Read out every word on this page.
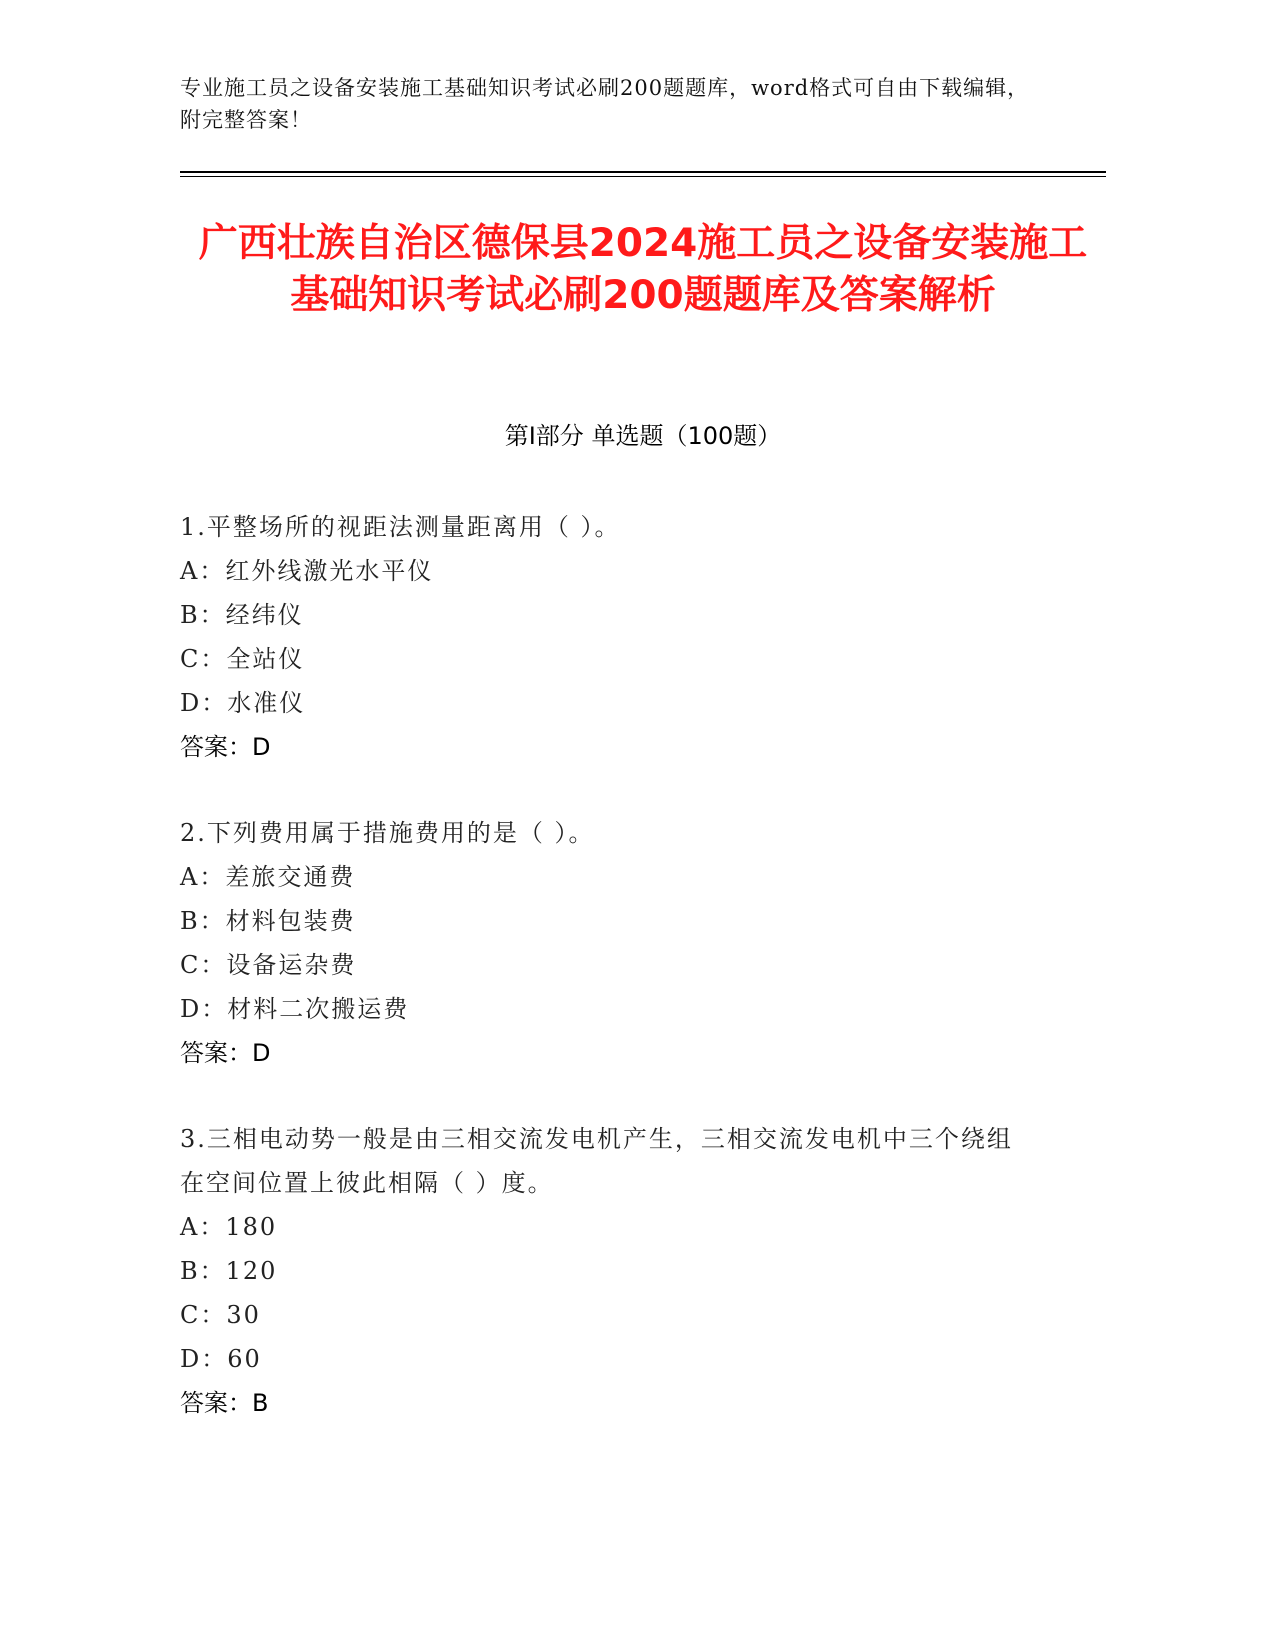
专业施工员之设备安装施工基础知识考试必刷200题题库，word格式可自由下载编辑，附完整答案！
广西壮族自治区德保县2024施工员之设备安装施工基础知识考试必刷200题题库及答案解析
第I部分 单选题（100题）
1.平整场所的视距法测量距离用（ ）。
A：红外线激光水平仪
B：经纬仪
C：全站仪
D：水准仪
答案：D
2.下列费用属于措施费用的是（ ）。
A：差旅交通费
B：材料包装费
C：设备运杂费
D：材料二次搬运费
答案：D
3.三相电动势一般是由三相交流发电机产生，三相交流发电机中三个绕组在空间位置上彼此相隔（ ）度。
A：180
B：120
C：30
D：60
答案：B
